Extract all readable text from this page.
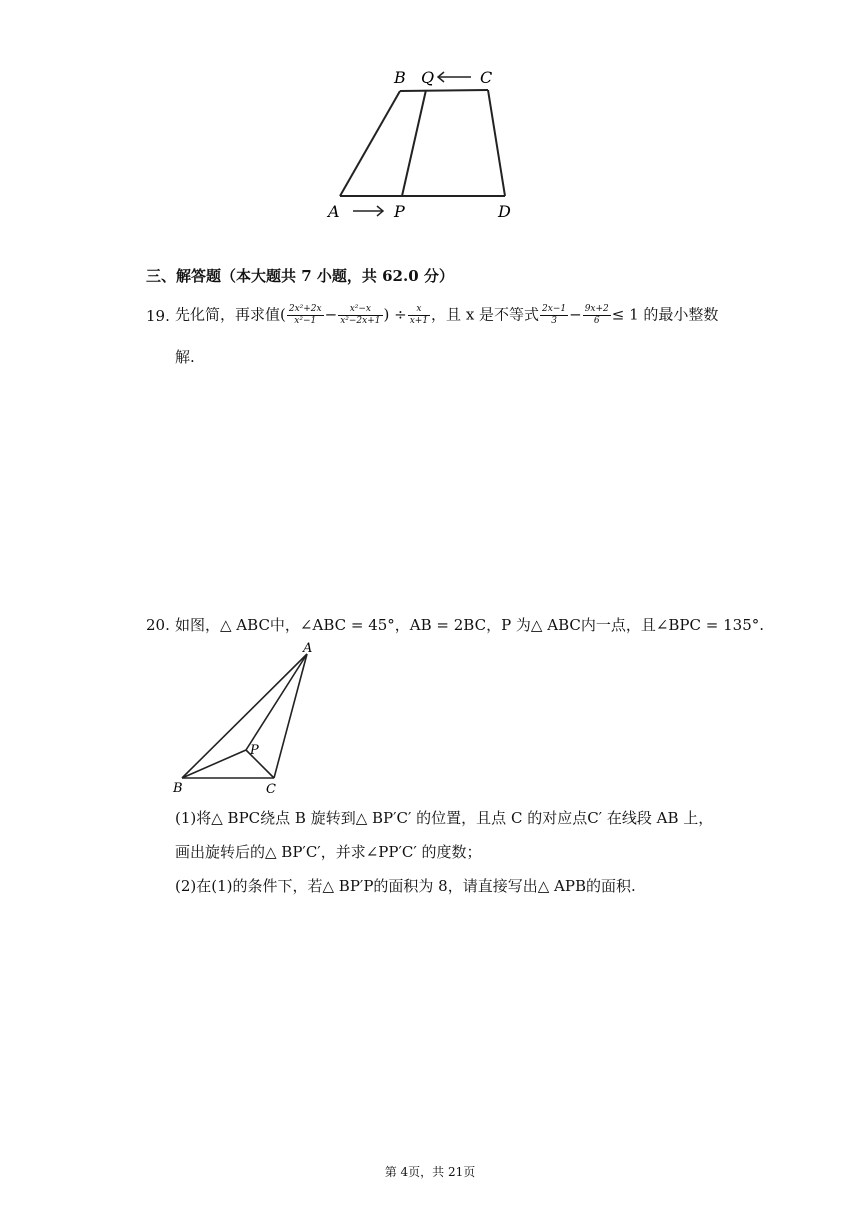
B Q	C
A	P	D
三、解答题（本大题共 7 小题，共 62.0 分）
19. 先化简，再求值( $\frac{\text{2x²+2x}}{\text{x²−1}} - \frac{\text{x²−x}}{\text{x²−2x+1}}$ ) ÷ $\frac{x}{x+1}$ ，且 x 是不等式 $\frac{2x-1}{3} - \frac{9x+2}{6} \le 1$ 的最小整数
解.
20. 如图，△ ABC中，∠ABC = 45°，AB = 2BC，P 为△ ABC内一点，且∠BPC = 135°.
A
P
B	C
(1)将△ BPC绕点 B 旋转到△ BP′C′ 的位置，且点 C 的对应点C′ 在线段 AB 上，
画出旋转后的△ BP′C′，并求∠PP′C′ 的度数；
(2)在(1)的条件下，若△ BP′P的面积为 8，请直接写出△ APB的面积.
第 4页，共 21页
